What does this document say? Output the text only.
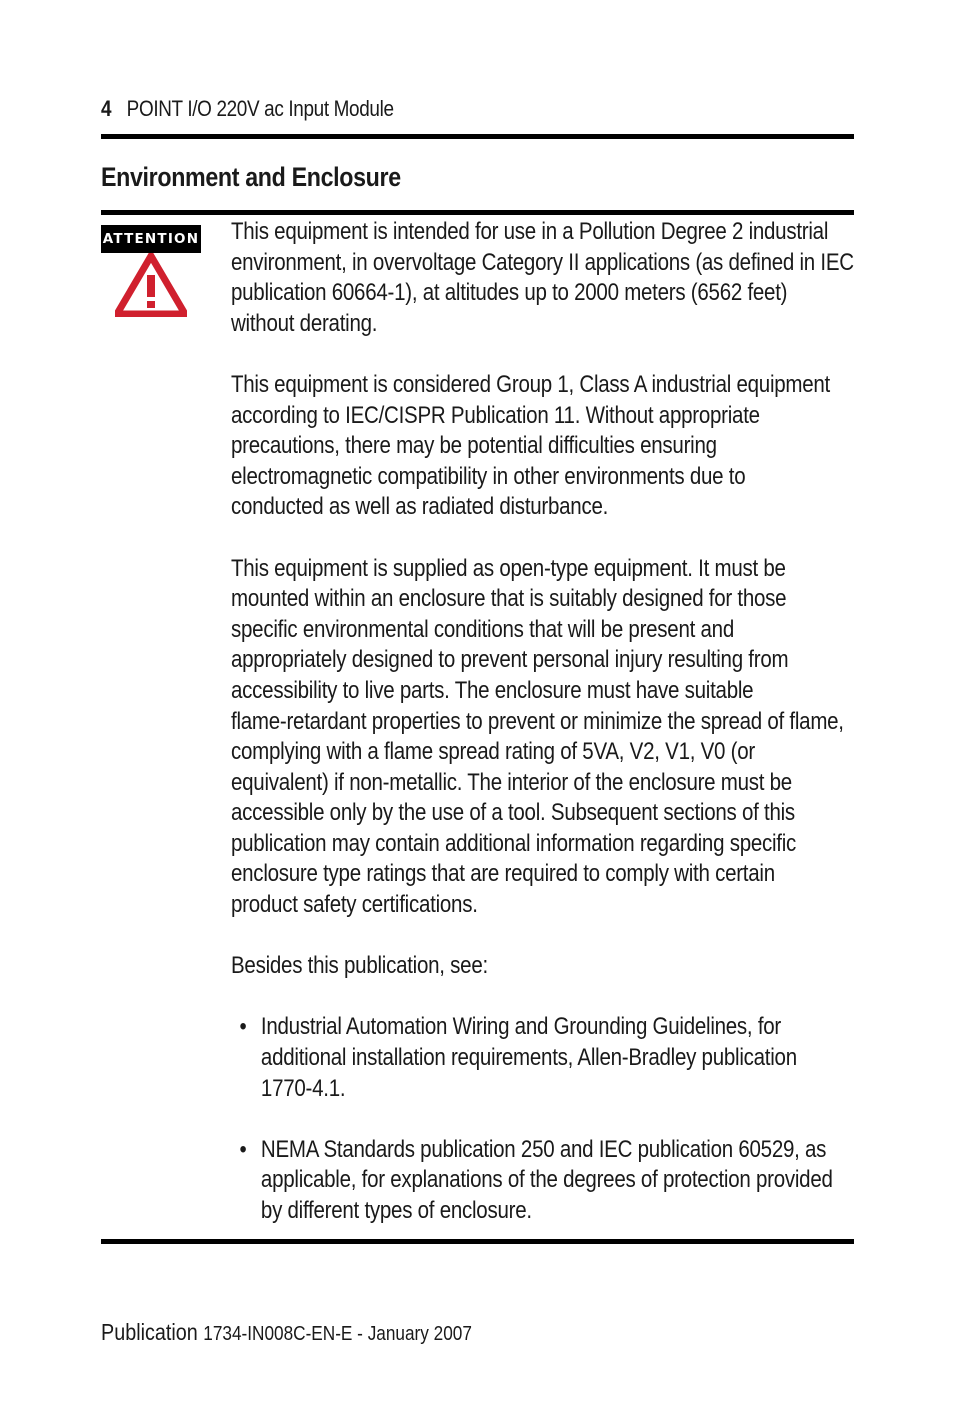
4 POINT I/O 220V ac Input Module
Environment and Enclosure
ATTENTION This equipment is intended for use in a Pollution Degree 2 industrial
environment, in overvoltage Category II applications (as defined in IEC
publication 60664-1), at altitudes up to 2000 meters (6562 feet)
without derating.

This equipment is considered Group 1, Class A industrial equipment
according to IEC/CISPR Publication 11. Without appropriate
precautions, there may be potential difficulties ensuring
electromagnetic compatibility in other environments due to
conducted as well as radiated disturbance.

This equipment is supplied as open-type equipment. It must be
mounted within an enclosure that is suitably designed for those
specific environmental conditions that will be present and
appropriately designed to prevent personal injury resulting from
accessibility to live parts. The enclosure must have suitable
flame-retardant properties to prevent or minimize the spread of flame,
complying with a flame spread rating of 5VA, V2, V1, V0 (or
equivalent) if non-metallic. The interior of the enclosure must be
accessible only by the use of a tool. Subsequent sections of this
publication may contain additional information regarding specific
enclosure type ratings that are required to comply with certain
product safety certifications.

Besides this publication, see:

• Industrial Automation Wiring and Grounding Guidelines, for
additional installation requirements, Allen-Bradley publication
1770-4.1.
• NEMA Standards publication 250 and IEC publication 60529, as
applicable, for explanations of the degrees of protection provided
by different types of enclosure.
Publication 1734-IN008C-EN-E - January 2007
